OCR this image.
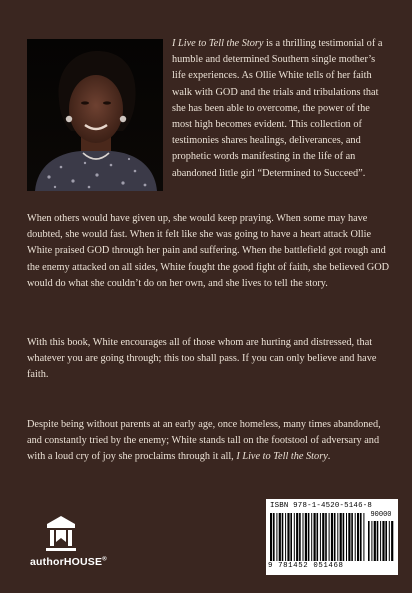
I Live to Tell the Story is a thrilling testimonial of a humble and determined Southern single mother’s life experiences. As Ollie White tells of her faith walk with GOD and the trials and tribulations that she has been able to overcome, the power of the most high becomes evident. This collection of testimonies shares healings, deliverances, and prophetic words manifesting in the life of an abandoned little girl “Determined to Succeed”.

When others would have given up, she would keep praying. When some may have doubted, she would fast. When it felt like she was going to have a heart attack Ollie White praised GOD through her pain and suffering. When the battlefield got rough and the enemy attacked on all sides, White fought the good fight of faith, she believed GOD would do what she couldn’t do on her own, and she lives to tell the story.

With this book, White encourages all of those whom are hurting and distressed, that whatever you are going through; this too shall pass. If you can only believe and have faith.

Despite being without parents at an early age, once homeless, many times abandoned, and constantly tried by the enemy; White stands tall on the footstool of adversary and with a loud cry of joy she proclaims through it all, I Live to Tell the Story.

authorHOUSE®
ISBN 978-1-4520-5146-8
90000
9 781452 051468
